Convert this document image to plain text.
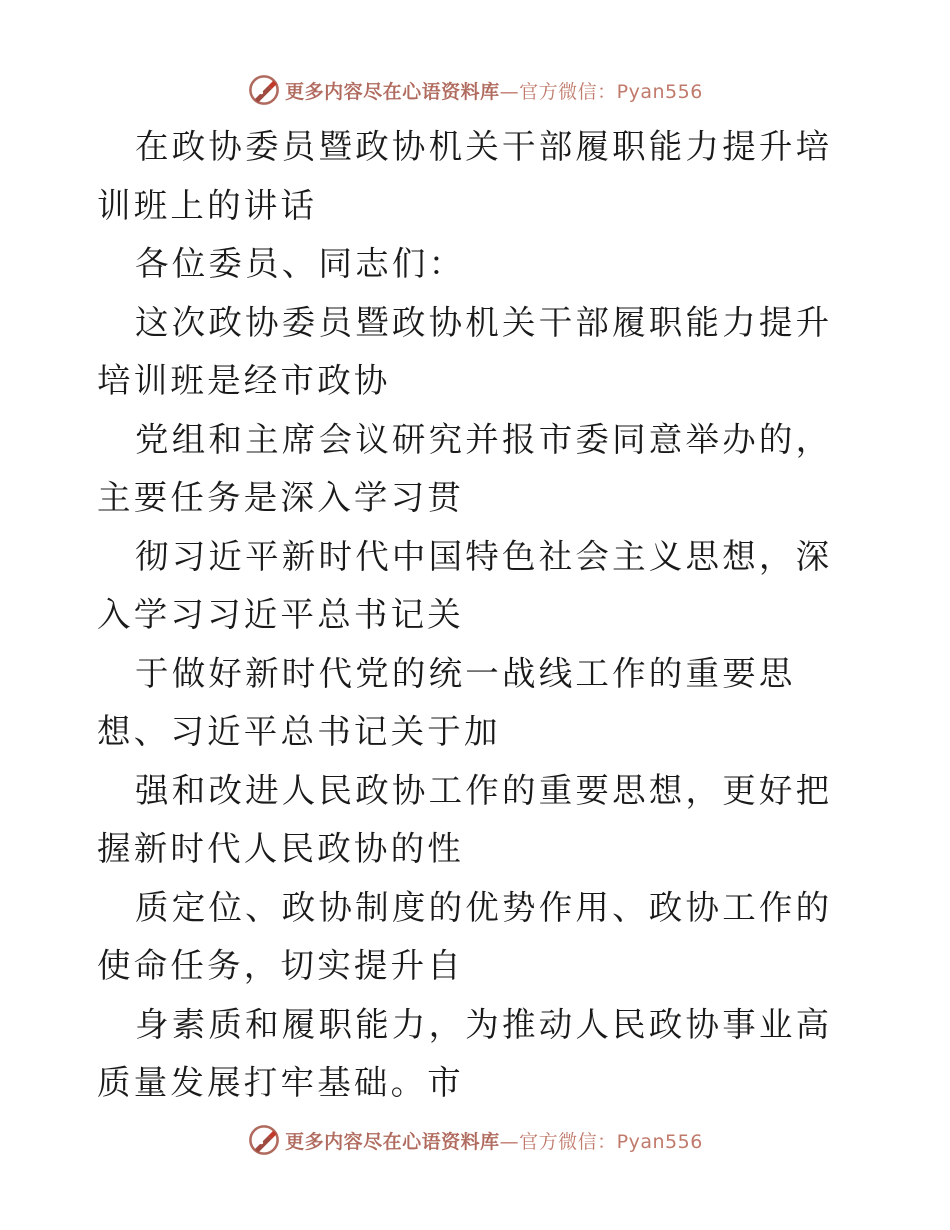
更多内容尽在心语资料库—官方微信：Pyan556

在政协委员暨政协机关干部履职能力提升培训班上的讲话

各位委员、同志们：

这次政协委员暨政协机关干部履职能力提升培训班是经市政协

党组和主席会议研究并报市委同意举办的，主要任务是深入学习贯

彻习近平新时代中国特色社会主义思想，深入学习习近平总书记关

于做好新时代党的统一战线工作的重要思想、习近平总书记关于加

强和改进人民政协工作的重要思想，更好把握新时代人民政协的性

质定位、政协制度的优势作用、政协工作的使命任务，切实提升自

身素质和履职能力，为推动人民政协事业高质量发展打牢基础。市

更多内容尽在心语资料库—官方微信：Pyan556
